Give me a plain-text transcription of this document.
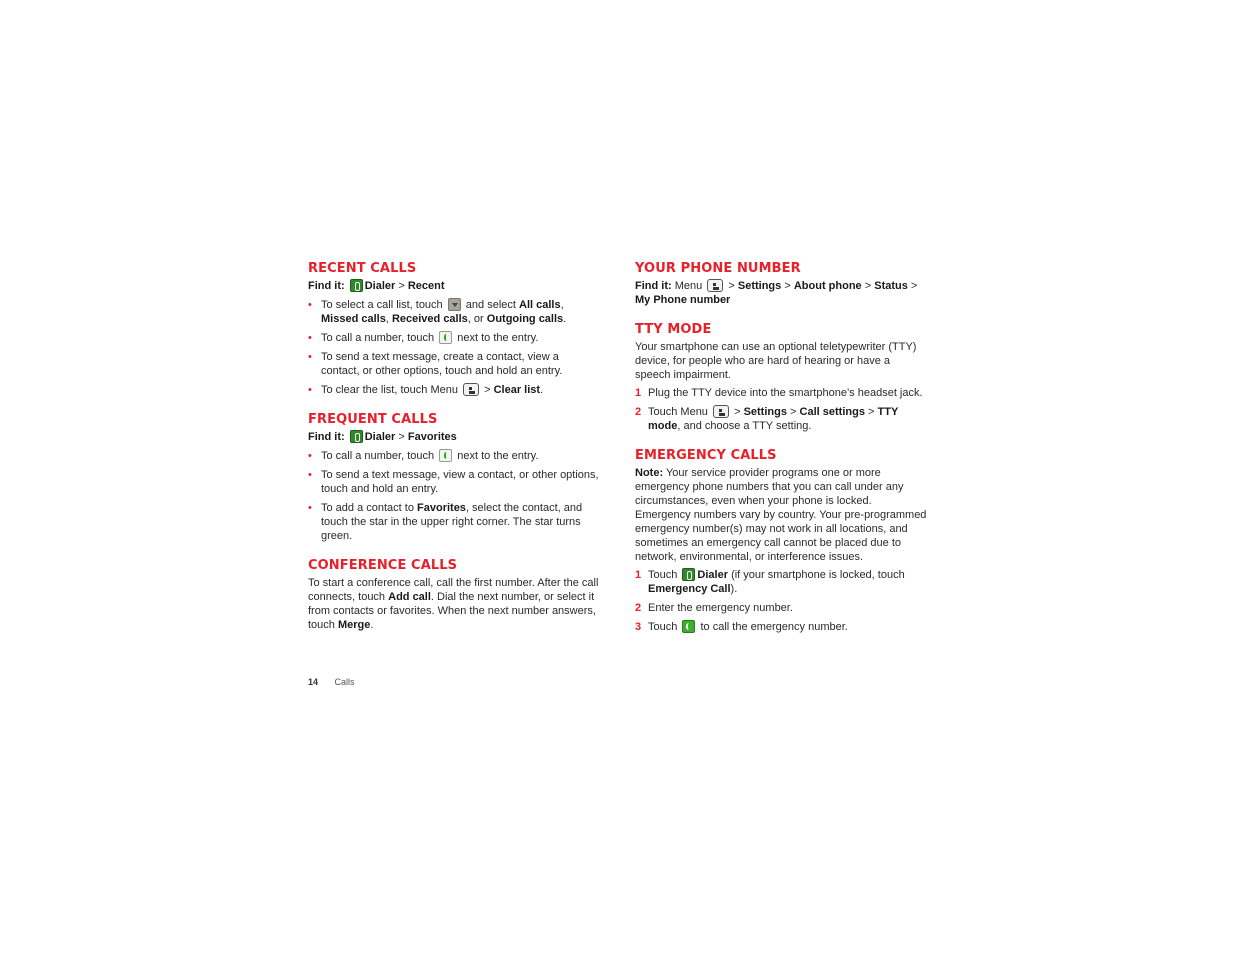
RECENT CALLS
Find it: Dialer > Recent
• To select a call list, touch and select All calls, Missed calls, Received calls, or Outgoing calls.
• To call a number, touch next to the entry.
• To send a text message, create a contact, view a contact, or other options, touch and hold an entry.
• To clear the list, touch Menu > Clear list.
FREQUENT CALLS
Find it: Dialer > Favorites
• To call a number, touch next to the entry.
• To send a text message, view a contact, or other options, touch and hold an entry.
• To add a contact to Favorites, select the contact, and touch the star in the upper right corner. The star turns green.
CONFERENCE CALLS

To start a conference call, call the first number. After the call connects, touch Add call. Dial the next number, or select it from contacts or favorites. When the next number answers, touch Merge.

YOUR PHONE NUMBER
Find it: Menu > Settings > About phone > Status > My Phone number
TTY MODE

Your smartphone can use an optional teletypewriter (TTY) device, for people who are hard of hearing or have a speech impairment.

1 Plug the TTY device into the smartphone’s headset jack.
2 Touch Menu > Settings > Call settings > TTY mode, and choose a TTY setting.
EMERGENCY CALLS

Note: Your service provider programs one or more emergency phone numbers that you can call under any circumstances, even when your phone is locked. Emergency numbers vary by country. Your pre-programmed emergency number(s) may not work in all locations, and sometimes an emergency call cannot be placed due to network, environmental, or interference issues.

1 Touch Dialer (if your smartphone is locked, touch Emergency Call).
2 Enter the emergency number.
3 Touch to call the emergency number.
14 Calls
